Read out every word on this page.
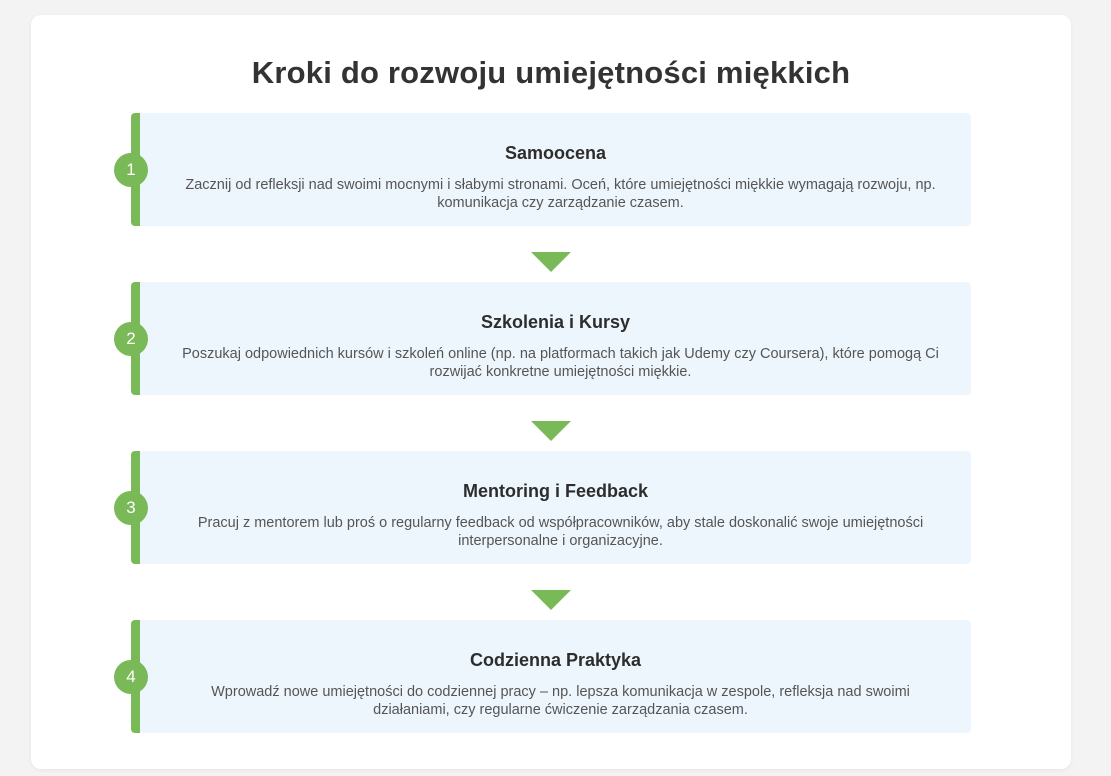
Kroki do rozwoju umiejętności miękkich
1
Samoocena

Zacznij od refleksji nad swoimi mocnymi i słabymi stronami. Oceń, które umiejętności miękkie wymagają rozwoju, np. komunikacja czy zarządzanie czasem.

2
Szkolenia i Kursy

Poszukaj odpowiednich kursów i szkoleń online (np. na platformach takich jak Udemy czy Coursera), które pomogą Ci rozwijać konkretne umiejętności miękkie.

3
Mentoring i Feedback

Pracuj z mentorem lub proś o regularny feedback od współpracowników, aby stale doskonalić swoje umiejętności interpersonalne i organizacyjne.

4
Codzienna Praktyka

Wprowadź nowe umiejętności do codziennej pracy – np. lepsza komunikacja w zespole, refleksja nad swoimi działaniami, czy regularne ćwiczenie zarządzania czasem.
